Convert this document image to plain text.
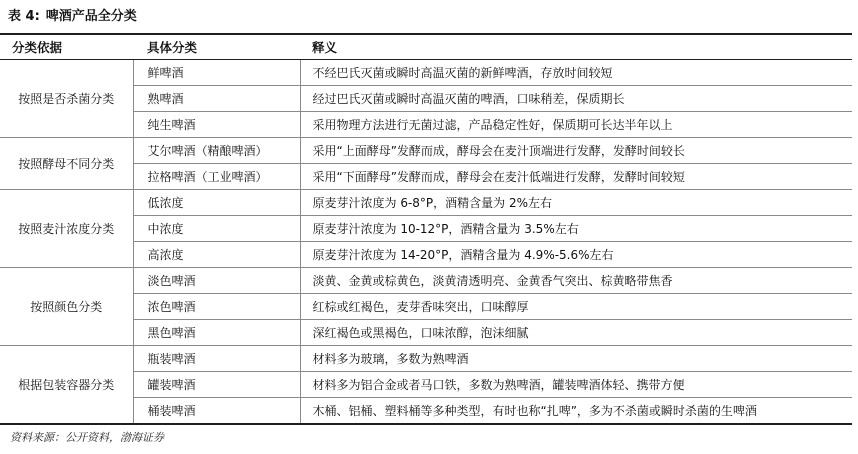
表 4: 啤酒产品全分类
分类依据	具体分类	释义
按照是否杀菌分类	鲜啤酒	不经巴氏灭菌或瞬时高温灭菌的新鲜啤酒，存放时间较短
	熟啤酒	经过巴氏灭菌或瞬时高温灭菌的啤酒，口味稍差，保质期长
	纯生啤酒	采用物理方法进行无菌过滤，产品稳定性好，保质期可长达半年以上
按照酵母不同分类	艾尔啤酒（精酿啤酒）	采用“上面酵母”发酵而成，酵母会在麦汁顶端进行发酵，发酵时间较长
	拉格啤酒（工业啤酒）	采用“下面酵母”发酵而成，酵母会在麦汁低端进行发酵，发酵时间较短
按照麦汁浓度分类	低浓度	原麦芽汁浓度为 6-8°P，酒精含量为 2%左右
	中浓度	原麦芽汁浓度为 10-12°P，酒精含量为 3.5%左右
	高浓度	原麦芽汁浓度为 14-20°P，酒精含量为 4.9%-5.6%左右
按照颜色分类	淡色啤酒	淡黄、金黄或棕黄色，淡黄清透明亮、金黄香气突出、棕黄略带焦香
	浓色啤酒	红棕或红褐色，麦芽香味突出，口味醇厚
	黑色啤酒	深红褐色或黑褐色，口味浓醇，泡沫细腻
根据包装容器分类	瓶装啤酒	材料多为玻璃，多数为熟啤酒
	罐装啤酒	材料多为铝合金或者马口铁，多数为熟啤酒，罐装啤酒体轻、携带方便
	桶装啤酒	木桶、铝桶、塑料桶等多种类型，有时也称“扎啤”，多为不杀菌或瞬时杀菌的生啤酒
资料来源：公开资料，渤海证券
